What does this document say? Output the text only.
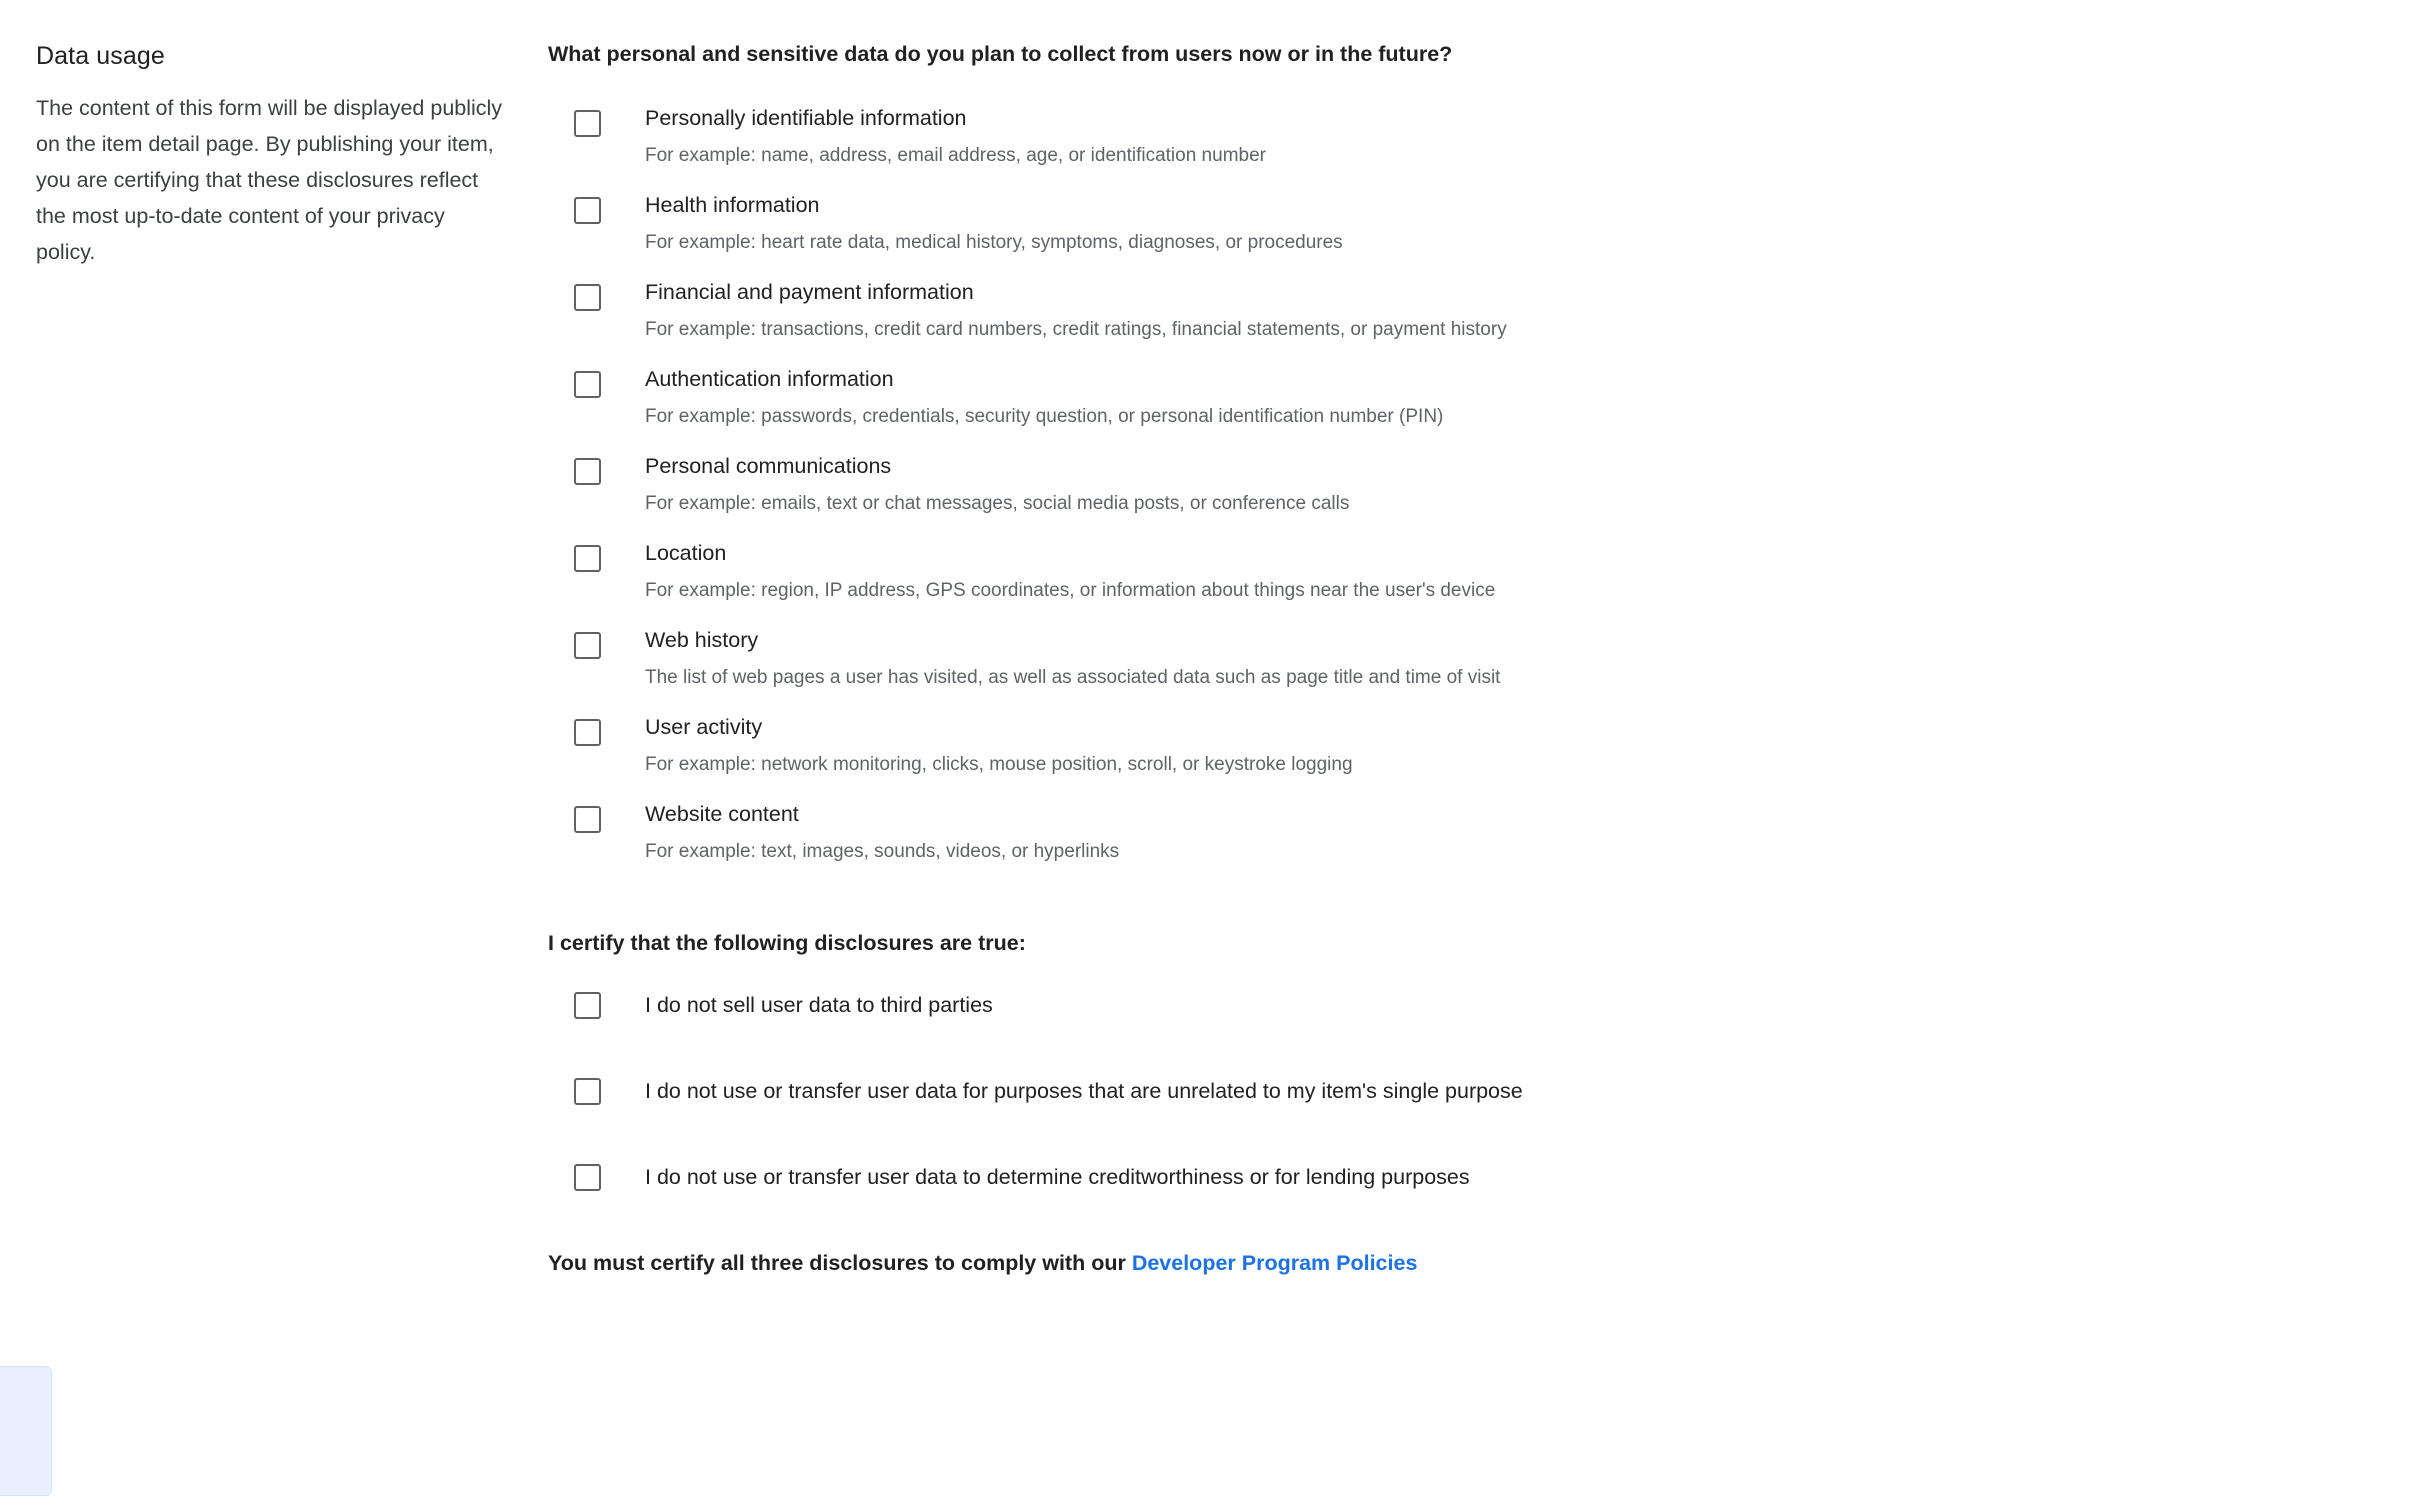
Data usage

The content of this form will be displayed publicly on the item detail page. By publishing your item, you are certifying that these disclosures reflect the most up-to-date content of your privacy policy.

What personal and sensitive data do you plan to collect from users now or in the future?

Personally identifiable information
For example: name, address, email address, age, or identification number
Health information
For example: heart rate data, medical history, symptoms, diagnoses, or procedures
Financial and payment information
For example: transactions, credit card numbers, credit ratings, financial statements, or payment history
Authentication information
For example: passwords, credentials, security question, or personal identification number (PIN)
Personal communications
For example: emails, text or chat messages, social media posts, or conference calls
Location
For example: region, IP address, GPS coordinates, or information about things near the user's device
Web history
The list of web pages a user has visited, as well as associated data such as page title and time of visit
User activity
For example: network monitoring, clicks, mouse position, scroll, or keystroke logging
Website content
For example: text, images, sounds, videos, or hyperlinks

I certify that the following disclosures are true:

I do not sell user data to third parties
I do not use or transfer user data for purposes that are unrelated to my item's single purpose
I do not use or transfer user data to determine creditworthiness or for lending purposes

You must certify all three disclosures to comply with our Developer Program Policies
